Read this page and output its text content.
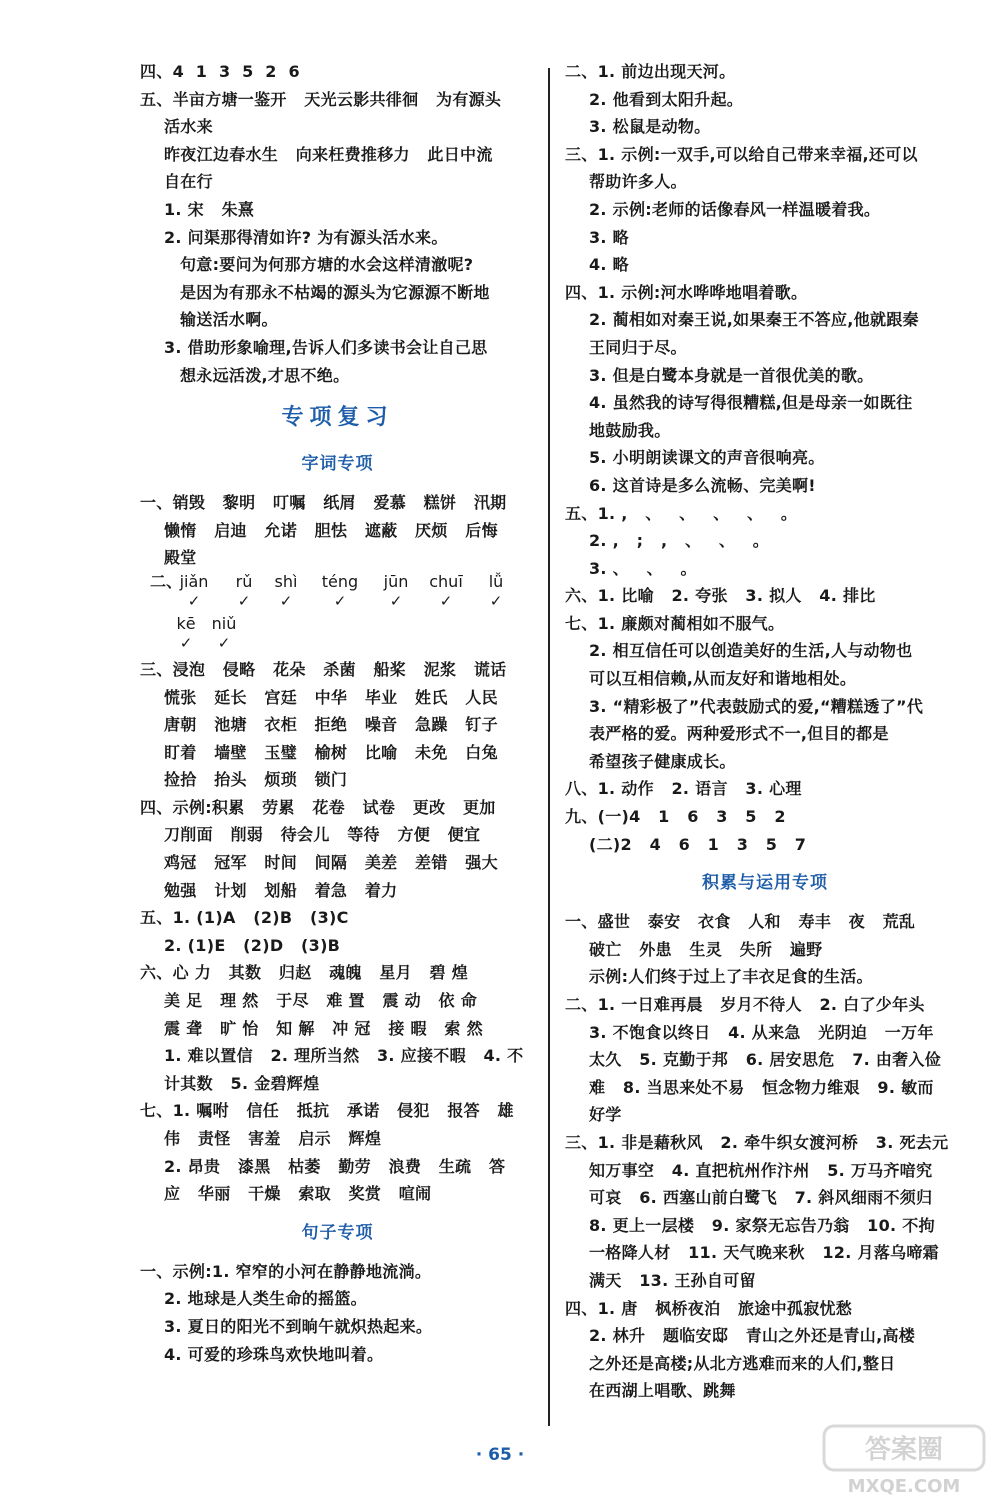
四、4  1  3  5  2  6
五、半亩方塘一鉴开   天光云影共徘徊   为有源头
活水来
昨夜江边春水生   向来枉费推移力   此日中流
自在行
1. 宋   朱熹
2. 问渠那得清如许? 为有源头活水来。
句意:要问为何那方塘的水会这样清澈呢?
是因为有那永不枯竭的源头为它源源不断地
输送活水啊。
3. 借助形象喻理,告诉人们多读书会让自己思
想永远活泼,才思不绝。
专项复习
字词专项
一、销毁   黎明   叮嘱   纸屑   爱慕   糕饼   汛期
懒惰   启迪   允诺   胆怯   遮蔽   厌烦   后悔
殿堂
二、
jiǎn
✓
rǔ
✓
shì
✓
téng
✓
jūn
✓
chuī
✓
lǚ
✓
kē
✓
niǔ
✓
三、浸泡   侵略   花朵   杀菌   船桨   泥浆   谎话
慌张   延长   宫廷   中华   毕业   姓氏   人民
唐朝   池塘   衣柜   拒绝   噪音   急躁   钉子
盯着   墙壁   玉璧   榆树   比喻   未免   白兔
捡拾   抬头   烦琐   锁门
四、示例:积累   劳累   花卷   试卷   更改   更加
刀削面   削弱   待会儿   等待   方便   便宜
鸡冠   冠军   时间   间隔   美差   差错   强大
勉强   计划   划船   着急   着力
五、1. (1)A   (2)B   (3)C
2. (1)E   (2)D   (3)B
六、心 力   其数   归赵   魂魄   星月   碧 煌
美 足   理 然   于尽   难 置   震 动   依 命
震 聋   旷 怡   知 解   冲 冠   接 暇   索 然
1. 难以置信   2. 理所当然   3. 应接不暇   4. 不
计其数   5. 金碧辉煌
七、1. 嘱咐   信任   抵抗   承诺   侵犯   报答   雄
伟   责怪   害羞   启示   辉煌
2. 昂贵   漆黑   枯萎   勤劳   浪费   生疏   答
应   华丽   干燥   索取   奖赏   喧闹
句子专项
一、示例:1. 窄窄的小河在静静地流淌。
2. 地球是人类生命的摇篮。
3. 夏日的阳光不到晌午就炽热起来。
4. 可爱的珍珠鸟欢快地叫着。
二、1. 前边出现天河。
2. 他看到太阳升起。
3. 松鼠是动物。
三、1. 示例:一双手,可以给自己带来幸福,还可以
帮助许多人。
2. 示例:老师的话像春风一样温暖着我。
3. 略
4. 略
四、1. 示例:河水哗哗地唱着歌。
2. 蔺相如对秦王说,如果秦王不答应,他就跟秦
王同归于尽。
3. 但是白鹭本身就是一首很优美的歌。
4. 虽然我的诗写得很糟糕,但是母亲一如既往
地鼓励我。
5. 小明朗读课文的声音很响亮。
6. 这首诗是多么流畅、完美啊!
五、1. ,   、   、   、   、   。
2. ,   ;   ,   、   、   。
3. 、   、   。
六、1. 比喻   2. 夸张   3. 拟人   4. 排比
七、1. 廉颇对蔺相如不服气。
2. 相互信任可以创造美好的生活,人与动物也
可以互相信赖,从而友好和谐地相处。
3. “精彩极了”代表鼓励式的爱,“糟糕透了”代
表严格的爱。两种爱形式不一,但目的都是
希望孩子健康成长。
八、1. 动作   2. 语言   3. 心理
九、(一)4   1   6   3   5   2
(二)2   4   6   1   3   5   7
积累与运用专项
一、盛世   泰安   衣食   人和   寿丰   夜   荒乱
破亡   外患   生灵   失所   遍野
示例:人们终于过上了丰衣足食的生活。
二、1. 一日难再晨   岁月不待人   2. 白了少年头
3. 不饱食以终日   4. 从来急   光阴迫   一万年
太久   5. 克勤于邦   6. 居安思危   7. 由奢入俭
难   8. 当思来处不易   恒念物力维艰   9. 敏而
好学
三、1. 非是藉秋风   2. 牵牛织女渡河桥   3. 死去元
知万事空   4. 直把杭州作汴州   5. 万马齐喑究
可哀   6. 西塞山前白鹭飞   7. 斜风细雨不须归
8. 更上一层楼   9. 家祭无忘告乃翁   10. 不拘
一格降人材   11. 天气晚来秋   12. 月落乌啼霜
满天   13. 王孙自可留
四、1. 唐   枫桥夜泊   旅途中孤寂忧愁
2. 林升   题临安邸   青山之外还是青山,高楼
之外还是高楼;从北方逃难而来的人们,整日
在西湖上唱歌、跳舞
· 65 ·	答案圈
MXQE.COM
